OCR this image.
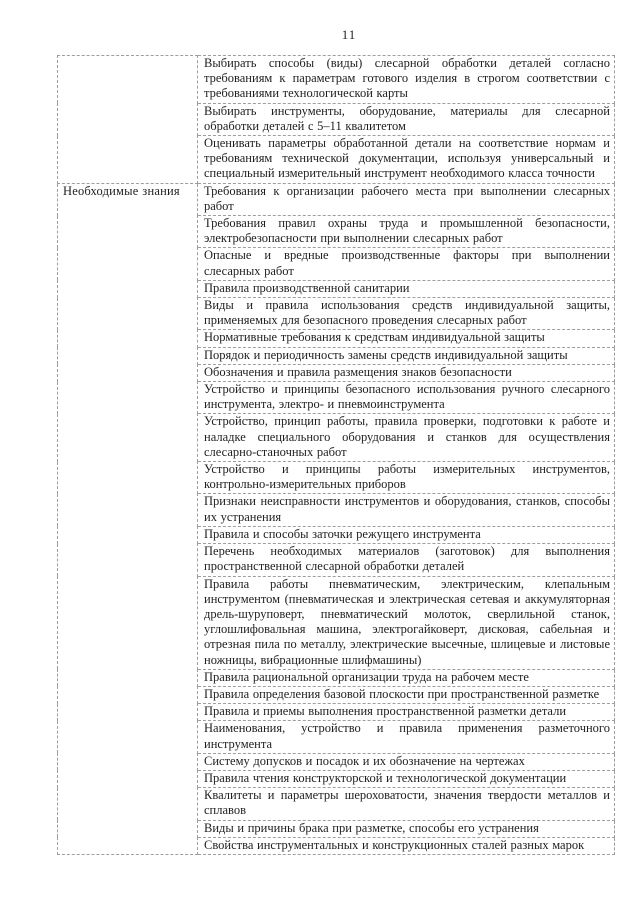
11
	Выбирать способы (виды) слесарной обработки деталей согласно требованиям к параметрам готового изделия в строгом соответствии с требованиями технологической карты
	Выбирать инструменты, оборудование, материалы для слесарной обработки деталей с 5–11 квалитетом
	Оценивать параметры обработанной детали на соответствие нормам и требованиям технической документации, используя универсальный и специальный измерительный инструмент необходимого класса точности
Необходимые знания	Требования к организации рабочего места при выполнении слесарных работ
	Требования правил охраны труда и промышленной безопасности, электробезопасности при выполнении слесарных работ
	Опасные и вредные производственные факторы при выполнении слесарных работ
	Правила производственной санитарии
	Виды и правила использования средств индивидуальной защиты, применяемых для безопасного проведения слесарных работ
	Нормативные требования к средствам индивидуальной защиты
	Порядок и периодичность замены средств индивидуальной защиты
	Обозначения и правила размещения знаков безопасности
	Устройство и принципы безопасного использования ручного слесарного инструмента, электро- и пневмоинструмента
	Устройство, принцип работы, правила проверки, подготовки к работе и наладке специального оборудования и станков для осуществления слесарно-станочных работ
	Устройство и принципы работы измерительных инструментов, контрольно-измерительных приборов
	Признаки неисправности инструментов и оборудования, станков, способы их устранения
	Правила и способы заточки режущего инструмента
	Перечень необходимых материалов (заготовок) для выполнения пространственной слесарной обработки деталей
	Правила работы пневматическим, электрическим, клепальным инструментом (пневматическая и электрическая сетевая и аккумуляторная дрель-шуруповерт, пневматический молоток, сверлильной станок, углошлифовальная машина, электрогайковерт, дисковая, сабельная и отрезная пила по металлу, электрические высечные, шлицевые и листовые ножницы, вибрационные шлифмашины)
	Правила рациональной организации труда на рабочем месте
	Правила определения базовой плоскости при пространственной разметке
	Правила и приемы выполнения пространственной разметки детали
	Наименования, устройство и правила применения разметочного инструмента
	Систему допусков и посадок и их обозначение на чертежах
	Правила чтения конструкторской и технологической документации
	Квалитеты и параметры шероховатости, значения твердости металлов и сплавов
	Виды и причины брака при разметке, способы его устранения
	Свойства инструментальных и конструкционных сталей разных марок
